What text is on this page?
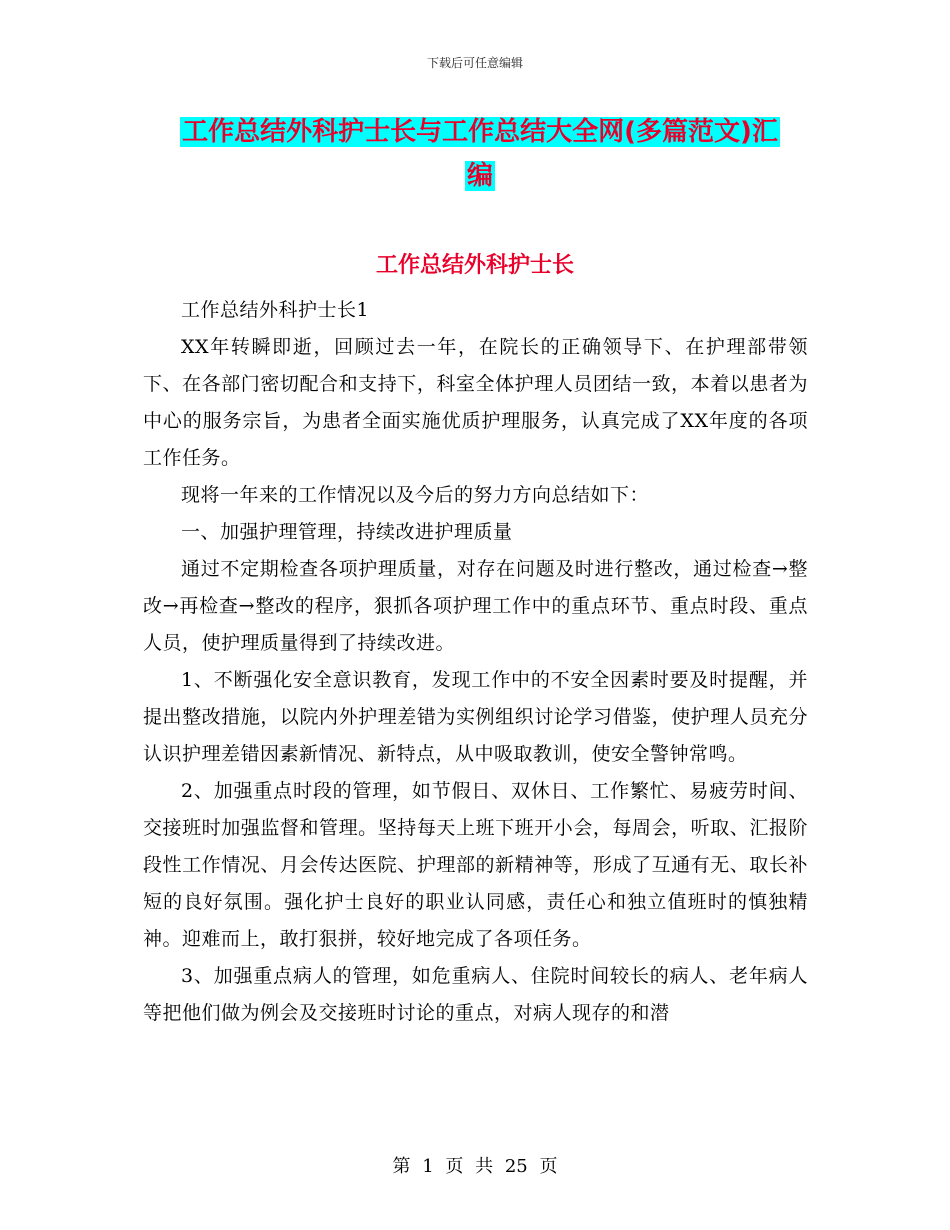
下载后可任意编辑
工作总结外科护士长与工作总结大全网(多篇范文)汇
编
工作总结外科护士长

工作总结外科护士长1

XX年转瞬即逝，回顾过去一年，在院长的正确领导下、在护理部带领下、在各部门密切配合和支持下，科室全体护理人员团结一致，本着以患者为中心的服务宗旨，为患者全面实施优质护理服务，认真完成了XX年度的各项工作任务。

现将一年来的工作情况以及今后的努力方向总结如下：

一、加强护理管理，持续改进护理质量

通过不定期检查各项护理质量，对存在问题及时进行整改，通过检查→整改→再检查→整改的程序，狠抓各项护理工作中的重点环节、重点时段、重点人员，使护理质量得到了持续改进。

1、不断强化安全意识教育，发现工作中的不安全因素时要及时提醒，并提出整改措施，以院内外护理差错为实例组织讨论学习借鉴，使护理人员充分认识护理差错因素新情况、新特点，从中吸取教训，使安全警钟常鸣。

2、加强重点时段的管理，如节假日、双休日、工作繁忙、易疲劳时间、交接班时加强监督和管理。坚持每天上班下班开小会，每周会，听取、汇报阶段性工作情况、月会传达医院、护理部的新精神等，形成了互通有无、取长补短的良好氛围。强化护士良好的职业认同感，责任心和独立值班时的慎独精神。迎难而上，敢打狠拼，较好地完成了各项任务。

3、加强重点病人的管理，如危重病人、住院时间较长的病人、老年病人等把他们做为例会及交接班时讨论的重点，对病人现存的和潜

第 1 页 共 25 页
